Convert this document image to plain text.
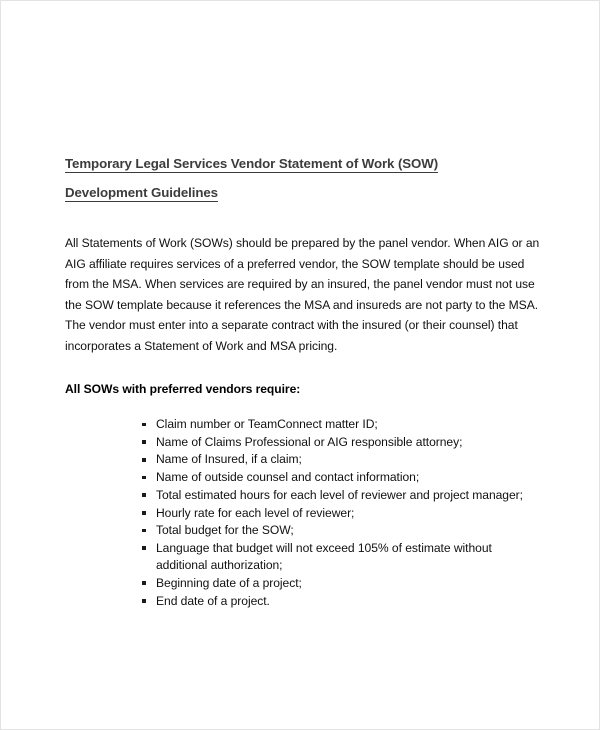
Temporary Legal Services Vendor Statement of Work (SOW)
Development Guidelines

All Statements of Work (SOWs) should be prepared by the panel vendor. When AIG or an AIG affiliate requires services of a preferred vendor, the SOW template should be used from the MSA. When services are required by an insured, the panel vendor must not use the SOW template because it references the MSA and insureds are not party to the MSA. The vendor must enter into a separate contract with the insured (or their counsel) that incorporates a Statement of Work and MSA pricing.

All SOWs with preferred vendors require:

Claim number or TeamConnect matter ID;
Name of Claims Professional or AIG responsible attorney;
Name of Insured, if a claim;
Name of outside counsel and contact information;
Total estimated hours for each level of reviewer and project manager;
Hourly rate for each level of reviewer;
Total budget for the SOW;
Language that budget will not exceed 105% of estimate without additional authorization;
Beginning date of a project;
End date of a project.
